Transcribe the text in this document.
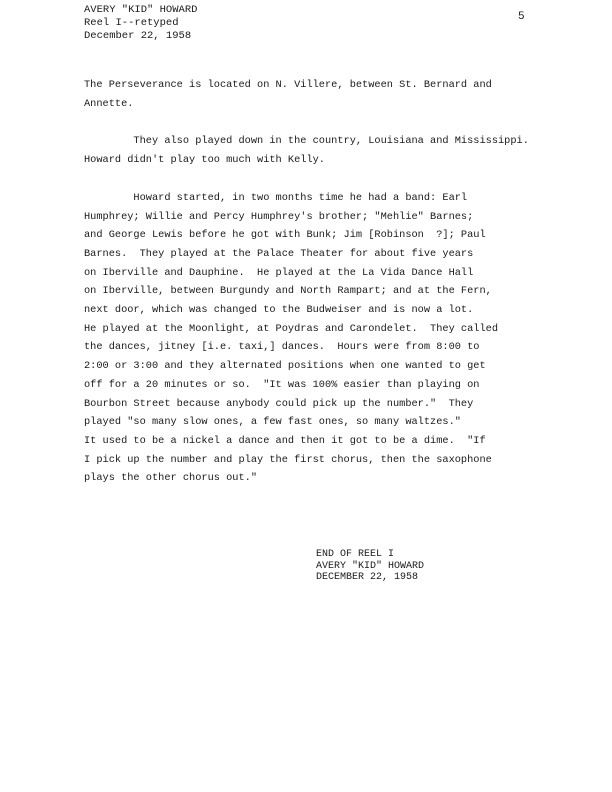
AVERY "KID" HOWARD
Reel I--retyped
December 22, 1958
5

The Perseverance is located on N. Villere, between St. Bernard and
Annette.

They also played down in the country, Louisiana and Mississippi.
Howard didn't play too much with Kelly.

Howard started, in two months time he had a band: Earl
Humphrey; Willie and Percy Humphrey's brother; "Mehlie" Barnes;
and George Lewis before he got with Bunk; Jim [Robinson  ?]; Paul
Barnes.  They played at the Palace Theater for about five years
on Iberville and Dauphine.  He played at the La Vida Dance Hall
on Iberville, between Burgundy and North Rampart; and at the Fern,
next door, which was changed to the Budweiser and is now a lot.
He played at the Moonlight, at Poydras and Carondelet.  They called
the dances, jitney [i.e. taxi,] dances.  Hours were from 8:00 to
2:00 or 3:00 and they alternated positions when one wanted to get
off for a 20 minutes or so.  "It was 100% easier than playing on
Bourbon Street because anybody could pick up the number."  They
played "so many slow ones, a few fast ones, so many waltzes."
It used to be a nickel a dance and then it got to be a dime.  "If
I pick up the number and play the first chorus, then the saxophone
plays the other chorus out."

END OF REEL I
AVERY "KID" HOWARD
DECEMBER 22, 1958
